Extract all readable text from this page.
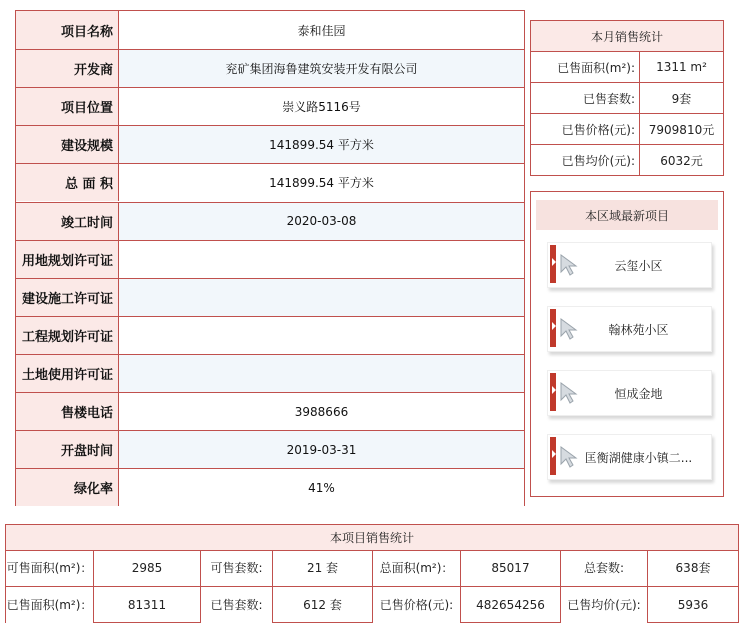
项目名称	泰和佳园
开发商	兖矿集团海鲁建筑安装开发有限公司
项目位置	崇义路5116号
建设规模	141899.54 平方米
总 面 积	141899.54 平方米
竣工时间	2020-03-08
用地规划许可证
建设施工许可证
工程规划许可证
土地使用许可证
售楼电话	3988666
开盘时间	2019-03-31
绿化率	41%
本月销售统计
已售面积(m²):	1311 m²
已售套数:	9套
已售价格(元):	7909810元
已售均价(元):	6032元
本区域最新项目
云玺小区
翰林苑小区
恒成金地
匡衡湖健康小镇二...
本项目销售统计
可售面积(m²)：	2985	可售套数:	21 套	总面积(m²)：	85017	总套数:	638套
已售面积(m²)：	81311	已售套数:	612 套	已售价格(元):	482654256	已售均价(元):	5936
